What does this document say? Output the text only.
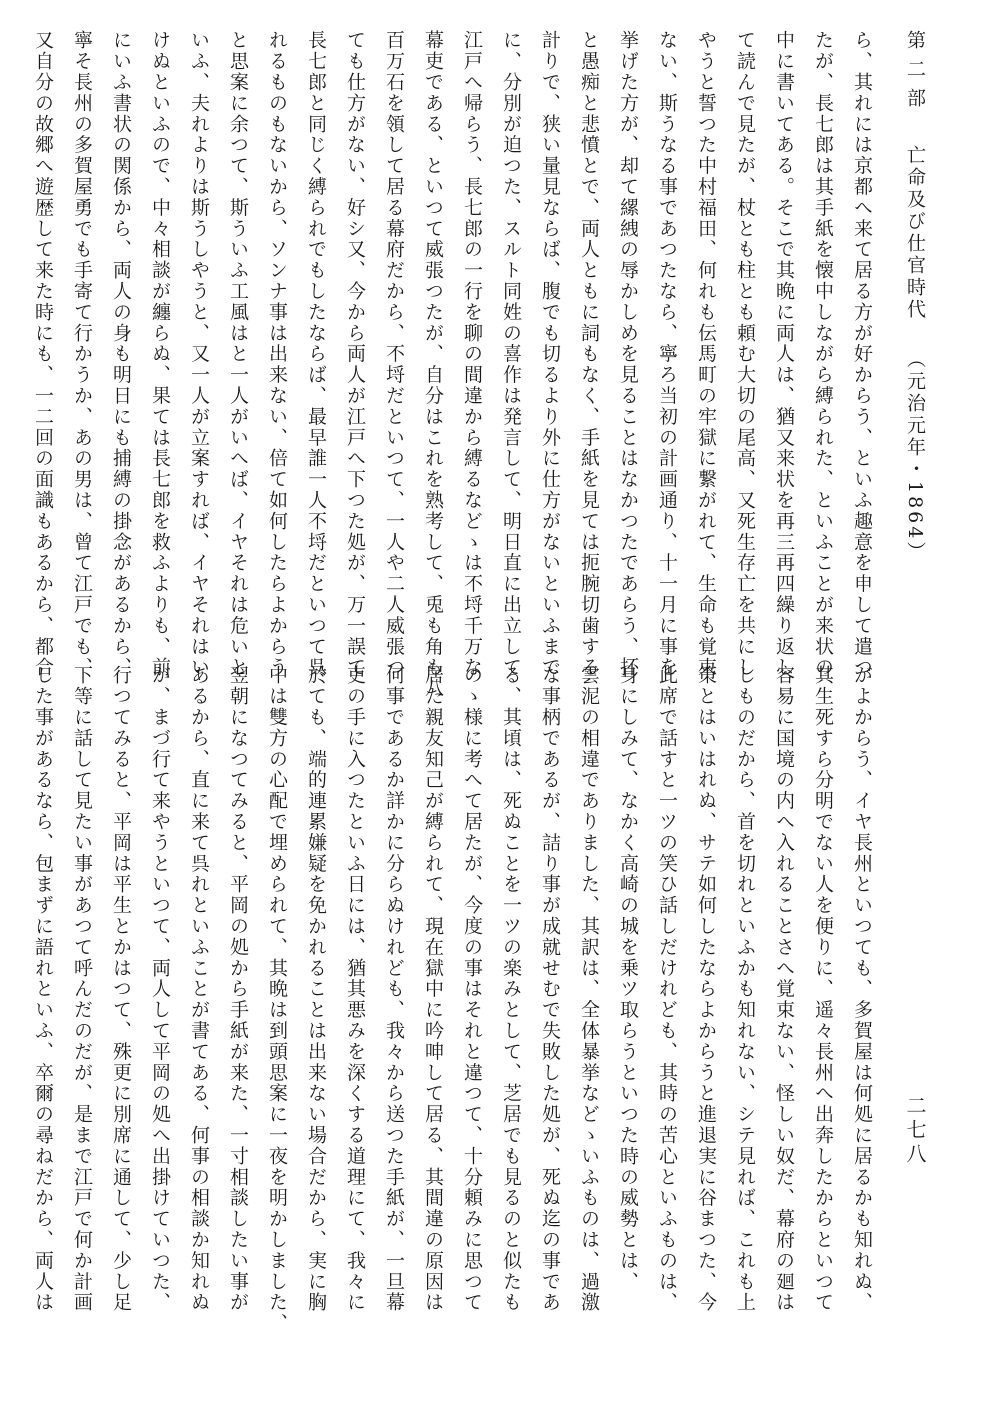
第二部亡命及び仕官時代（元治元年・1864）
ら、其れには京都へ来て居る方が好からう、といふ趣意を申して遣つ
たが、長七郎は其手紙を懐中しながら縛られた、といふことが来状の
中に書いてある。そこで其晩に両人は、猶又来状を再三再四繰り返し
て読んで見たが、杖とも柱とも頼む大切の尾高、又死生存亡を共にし
やうと誓つた中村福田、何れも伝馬町の牢獄に繋がれて、生命も覚束
ない、斯うなる事であつたなら、寧ろ当初の計画通り、十一月に事を
挙げた方が、却て縲絏の辱かしめを見ることはなかつたであらう、抔
と愚痴と悲憤とで、両人ともに詞もなく、手紙を見ては扼腕切歯する
計りで、狭い量見ならば、腹でも切るより外に仕方がないといふまで
に、分別が迫つた、スルト同姓の喜作は発言して、明日直に出立して
江戸へ帰らう、長七郎の一行を聊の間違から縛るなどゝは不埒千万な
幕吏である、といつて威張つたが、自分はこれを熟考して、兎も角も八
百万石を領して居る幕府だから、不埒だといつて、一人や二人威張つ
ても仕方がない、好シ又、今から両人が江戸へ下つた処が、万一誤て
長七郎と同じく縛られでもしたならば、最早誰一人不埒だといつて呉
れるものもないから、ソンナ事は出来ない、倍て如何したらよからう
と思案に余つて、斯ういふ工風はと一人がいへば、イヤそれは危いと
いふ、夫れよりは斯うしやうと、又一人が立案すれば、イヤそれはい
けぬといふので、中々相談が纏らぬ、果ては長七郎を救ふよりも、前
にいふ書状の関係から、両人の身も明日にも捕縛の掛念があるから、
寧そ長州の多賀屋勇でも手寄て行かうか、あの男は、曾て江戸でも、
又自分の故郷へ遊歴して来た時にも、一二回の面識もあるから、都合
がよからう、イヤ長州といつても、多賀屋は何処に居るかも知れぬ、
其生死すら分明でない人を便りに、遥々長州へ出奔したからといつて
容易に国境の内へ入れることさへ覚束ない、怪しい奴だ、幕府の廻は
しものだから、首を切れといふかも知れない、シテ見れば、これも上
策とはいはれぬ、サテ如何したならよからうと進退実に谷まつた、今
此席で話すと一ツの笑ひ話しだけれども、其時の苦心といふものは、
身にしみて、なかく高崎の城を乗ツ取らうといつた時の威勢とは、
雲泥の相違でありました、其訳は、全体暴挙などゝいふものは、過激
な事柄であるが、詰り事が成就せむで失敗した処が、死ぬ迄の事であ
る、其頃は、死ぬことを一ツの楽みとして、芝居でも見るのと似たも
のゝ様に考へて居たが、今度の事はそれと違つて、十分頼みに思つて
居た親友知己が縛られて、現在獄中に吟呻して居る、其間違の原因は
何事であるか詳かに分らぬけれども、我々から送つた手紙が、一旦幕
吏の手に入つたといふ日には、猶其悪みを深くする道理にて、我々に
於ても、端的連累嫌疑を免かれることは出来ない場合だから、実に胸
中は雙方の心配で埋められて、其晩は到頭思案に一夜を明かしました、
翌朝になつてみると、平岡の処から手紙が来た、一寸相談したい事が
あるから、直に来て呉れといふことが書てある、何事の相談か知れぬ
が、まづ行て来やうといつて、両人して平岡の処へ出掛けていつた、
行つてみると、平岡は平生とかはつて、殊更に別席に通して、少し足
下等に話して見たい事があつて呼んだのだが、是まで江戸で何か計画
した事があるなら、包まずに語れといふ、卒爾の尋ねだから、両人は	二七八
